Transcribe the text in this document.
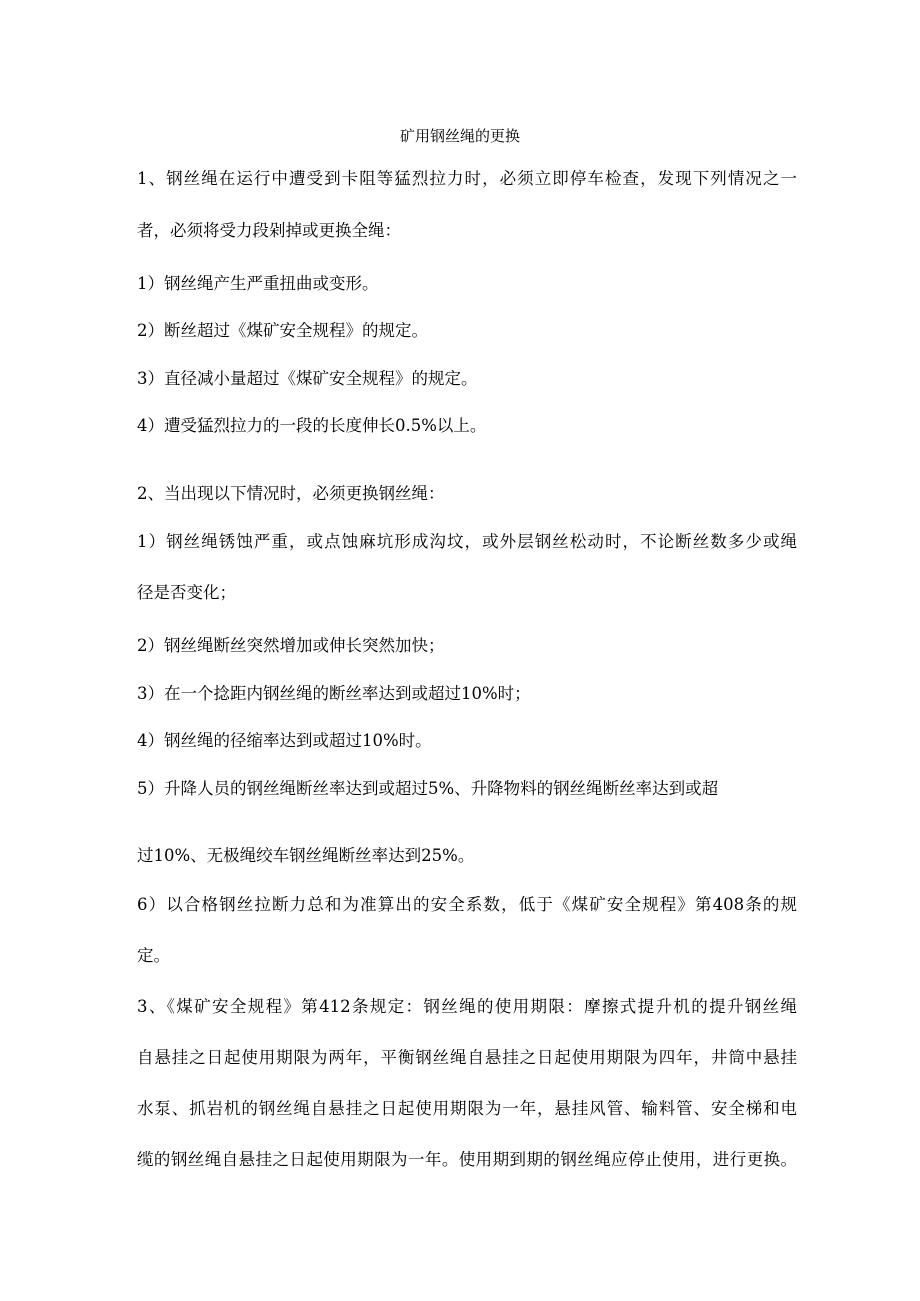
矿用钢丝绳的更换
1、钢丝绳在运行中遭受到卡阻等猛烈拉力时，必须立即停车检查，发现下列情况之一
者，必须将受力段剁掉或更换全绳：
1）钢丝绳产生严重扭曲或变形。
2）断丝超过《煤矿安全规程》的规定。
3）直径减小量超过《煤矿安全规程》的规定。
4）遭受猛烈拉力的一段的长度伸长0.5%以上。
2、当出现以下情况时，必须更换钢丝绳：
1）钢丝绳锈蚀严重，或点蚀麻坑形成沟坟，或外层钢丝松动时，不论断丝数多少或绳
径是否变化；
2）钢丝绳断丝突然增加或伸长突然加快；
3）在一个捻距内钢丝绳的断丝率达到或超过10%时；
4）钢丝绳的径缩率达到或超过10%时。
5）升降人员的钢丝绳断丝率达到或超过5%、升降物料的钢丝绳断丝率达到或超
过10%、无极绳绞车钢丝绳断丝率达到25%。
6）以合格钢丝拉断力总和为准算出的安全系数，低于《煤矿安全规程》第408条的规
定。
3、《煤矿安全规程》第412条规定：钢丝绳的使用期限：摩擦式提升机的提升钢丝绳
自悬挂之日起使用期限为两年，平衡钢丝绳自悬挂之日起使用期限为四年，井筒中悬挂
水泵、抓岩机的钢丝绳自悬挂之日起使用期限为一年，悬挂风管、输料管、安全梯和电
缆的钢丝绳自悬挂之日起使用期限为一年。使用期到期的钢丝绳应停止使用，进行更换。
